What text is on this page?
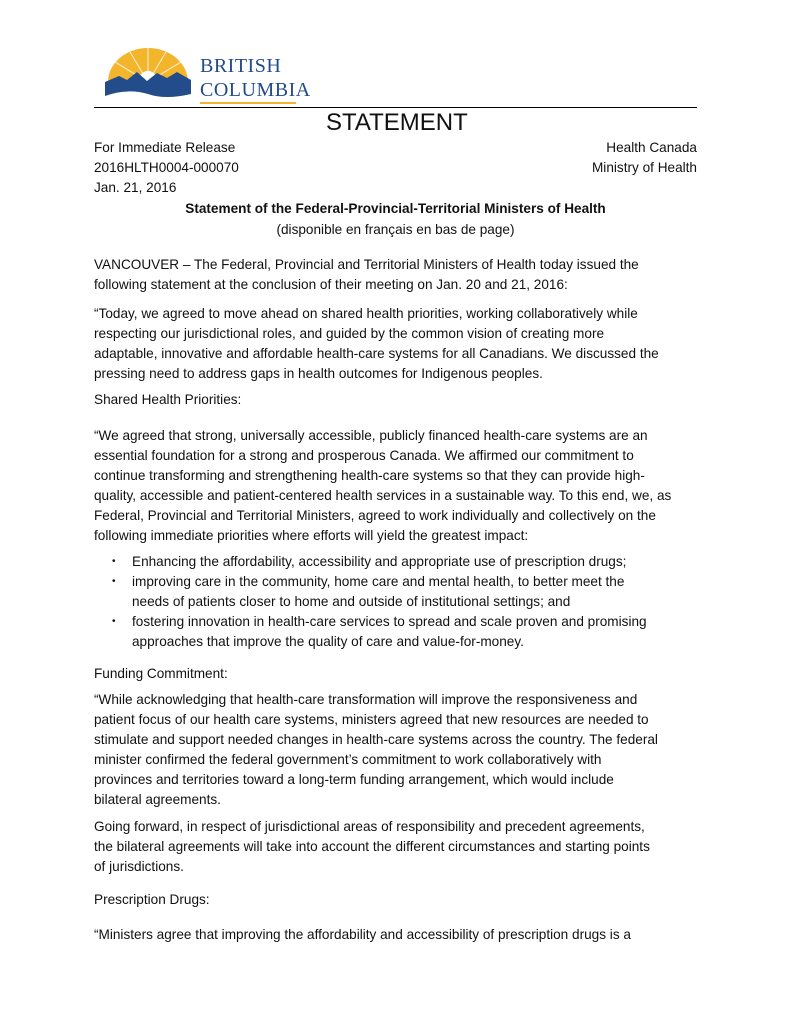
BRITISH
COLUMBIA
STATEMENT
For Immediate Release
2016HLTH0004-000070
Jan. 21, 2016
Health Canada
Ministry of Health
Statement of the Federal-Provincial-Territorial Ministers of Health
(disponible en français en bas de page)
VANCOUVER – The Federal, Provincial and Territorial Ministers of Health today issued the
following statement at the conclusion of their meeting on Jan. 20 and 21, 2016:
“Today, we agreed to move ahead on shared health priorities, working collaboratively while
respecting our jurisdictional roles, and guided by the common vision of creating more
adaptable, innovative and affordable health-care systems for all Canadians. We discussed the
pressing need to address gaps in health outcomes for Indigenous peoples.
Shared Health Priorities:
“We agreed that strong, universally accessible, publicly financed health-care systems are an
essential foundation for a strong and prosperous Canada. We affirmed our commitment to
continue transforming and strengthening health-care systems so that they can provide high-
quality, accessible and patient-centered health services in a sustainable way. To this end, we, as
Federal, Provincial and Territorial Ministers, agreed to work individually and collectively on the
following immediate priorities where efforts will yield the greatest impact:
• Enhancing the affordability, accessibility and appropriate use of prescription drugs;
• improving care in the community, home care and mental health, to better meet the
needs of patients closer to home and outside of institutional settings; and
• fostering innovation in health-care services to spread and scale proven and promising
approaches that improve the quality of care and value-for-money.
Funding Commitment:
“While acknowledging that health-care transformation will improve the responsiveness and
patient focus of our health care systems, ministers agreed that new resources are needed to
stimulate and support needed changes in health-care systems across the country. The federal
minister confirmed the federal government’s commitment to work collaboratively with
provinces and territories toward a long-term funding arrangement, which would include
bilateral agreements.
Going forward, in respect of jurisdictional areas of responsibility and precedent agreements,
the bilateral agreements will take into account the different circumstances and starting points
of jurisdictions.
Prescription Drugs:
“Ministers agree that improving the affordability and accessibility of prescription drugs is a
